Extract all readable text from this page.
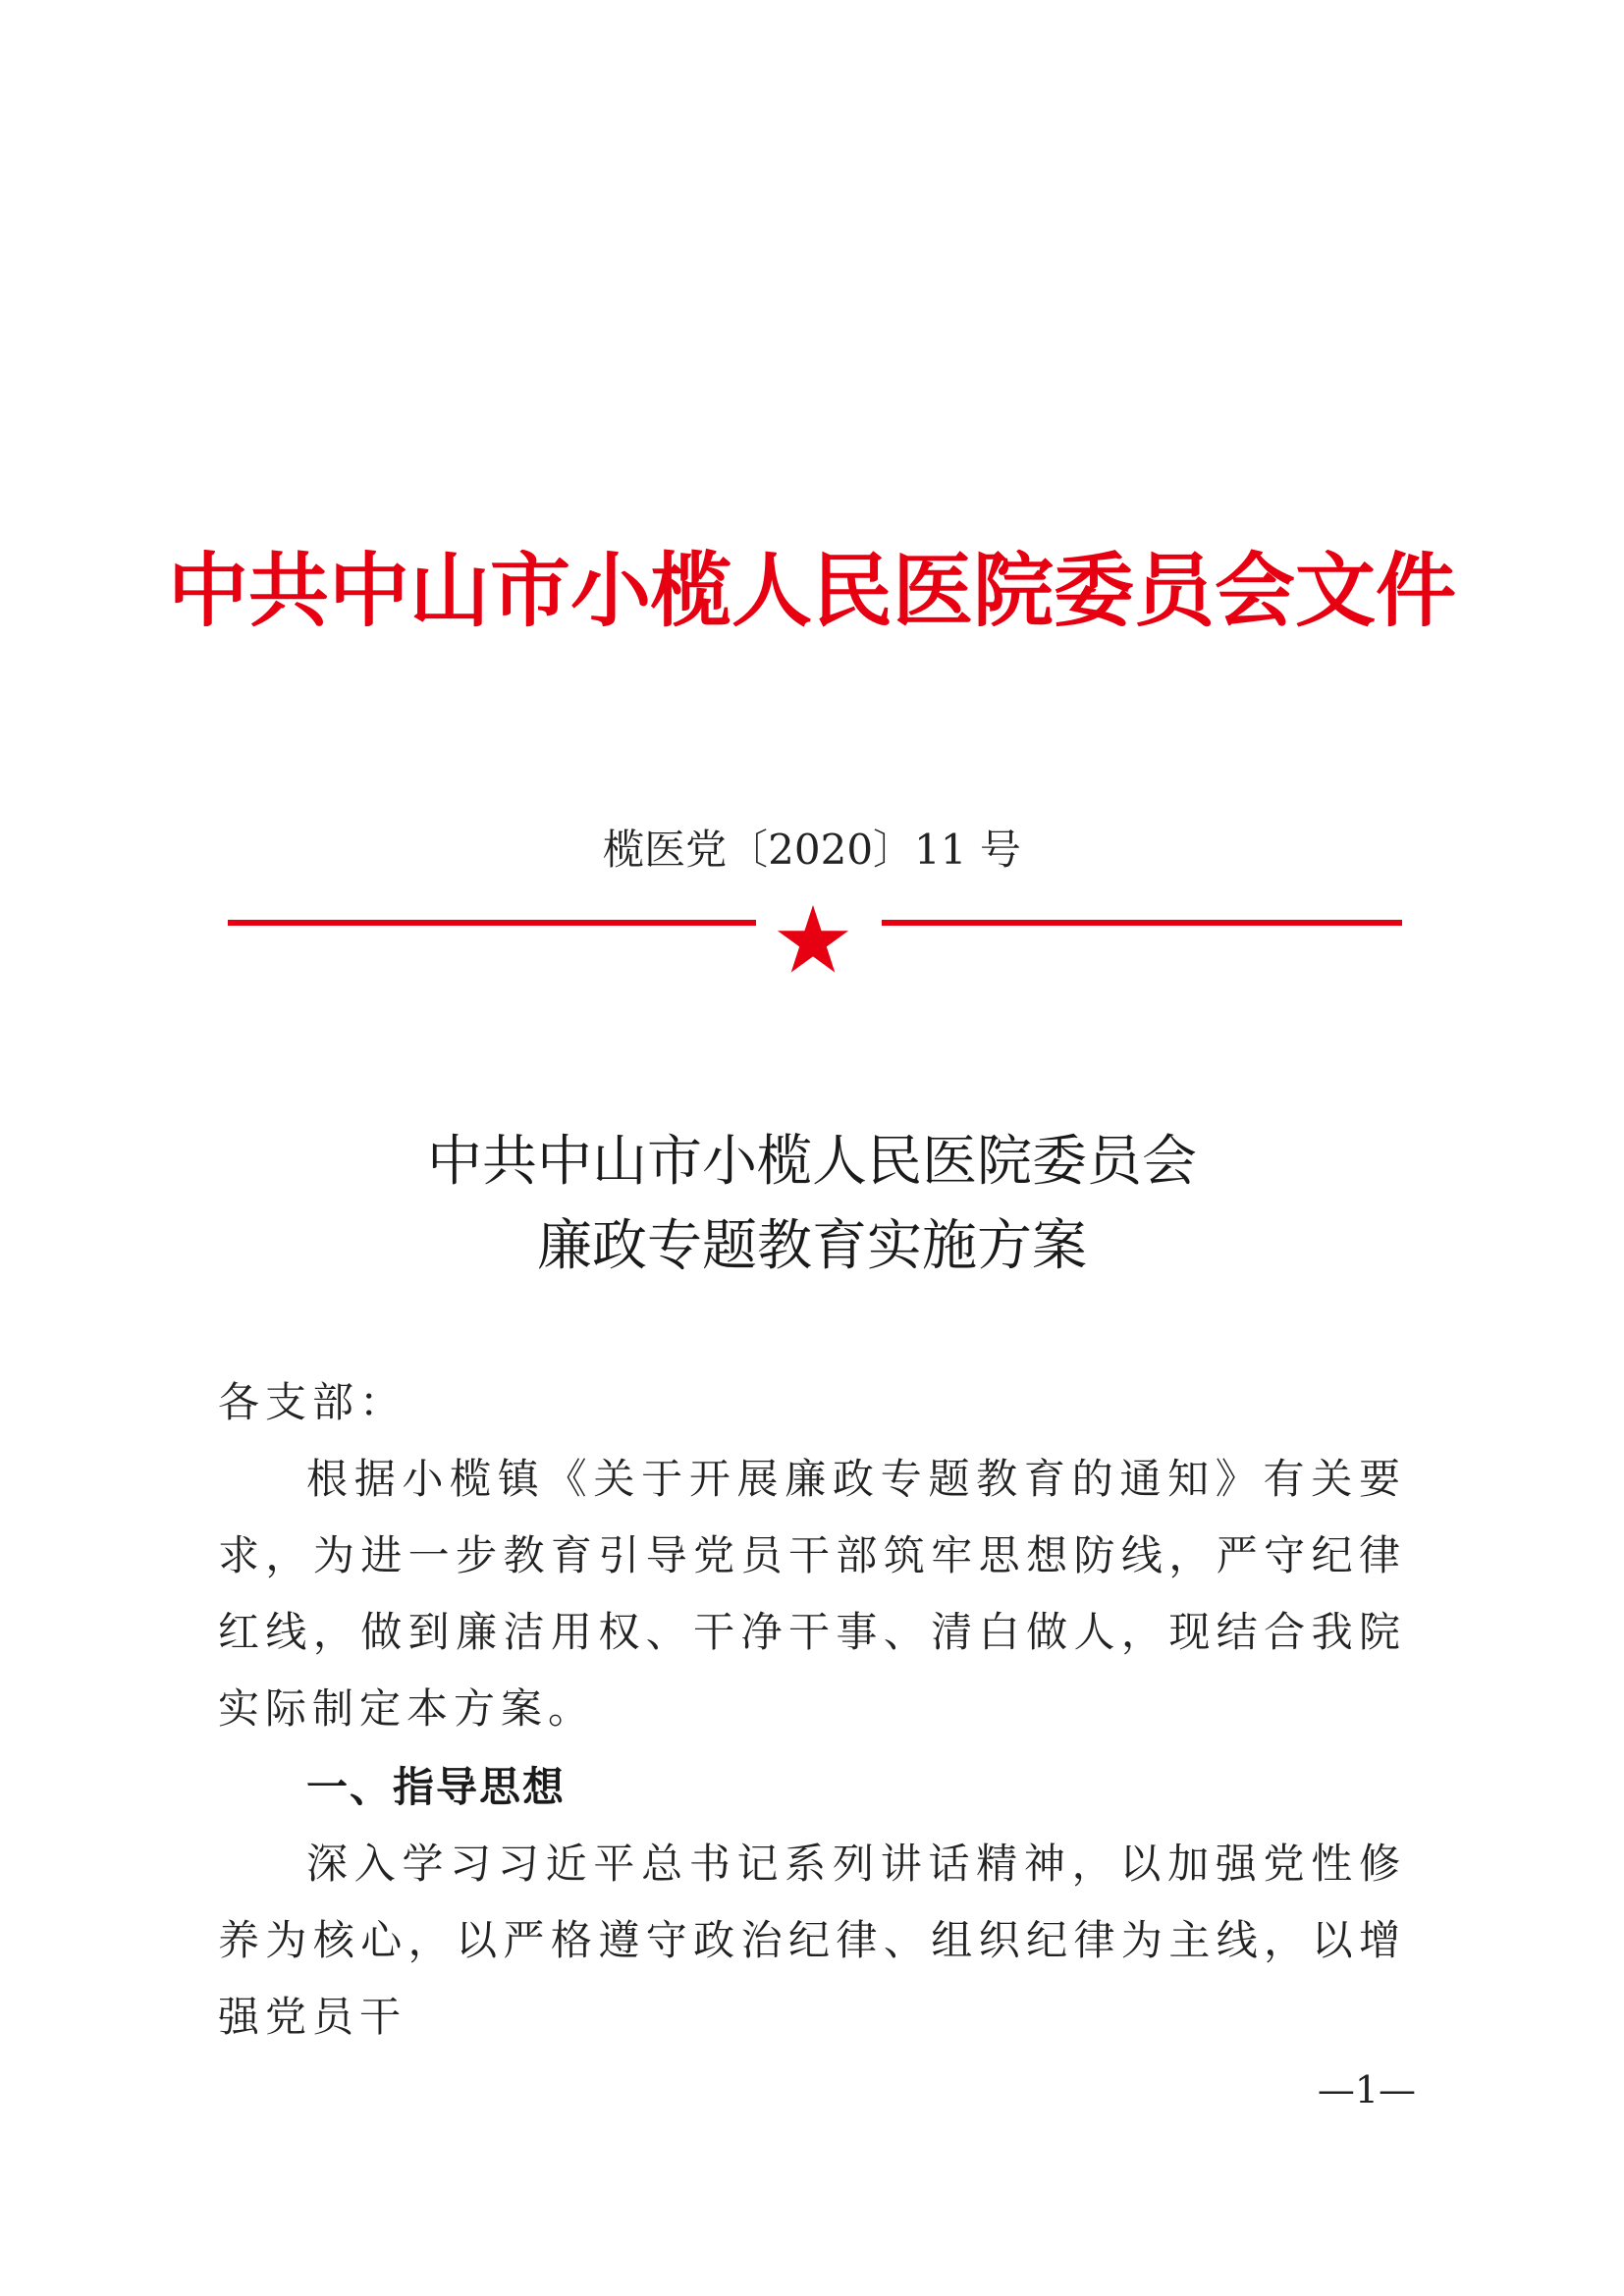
中共中山市小榄人民医院委员会文件
榄医党〔2020〕11 号
中共中山市小榄人民医院委员会
廉政专题教育实施方案
各支部：
根据小榄镇《关于开展廉政专题教育的通知》有关要求，为进一步教育引导党员干部筑牢思想防线，严守纪律红线，做到廉洁用权、干净干事、清白做人，现结合我院实际制定本方案。
一、指导思想
深入学习习近平总书记系列讲话精神，以加强党性修养为核心，以严格遵守政治纪律、组织纪律为主线，以增强党员干
—1—
